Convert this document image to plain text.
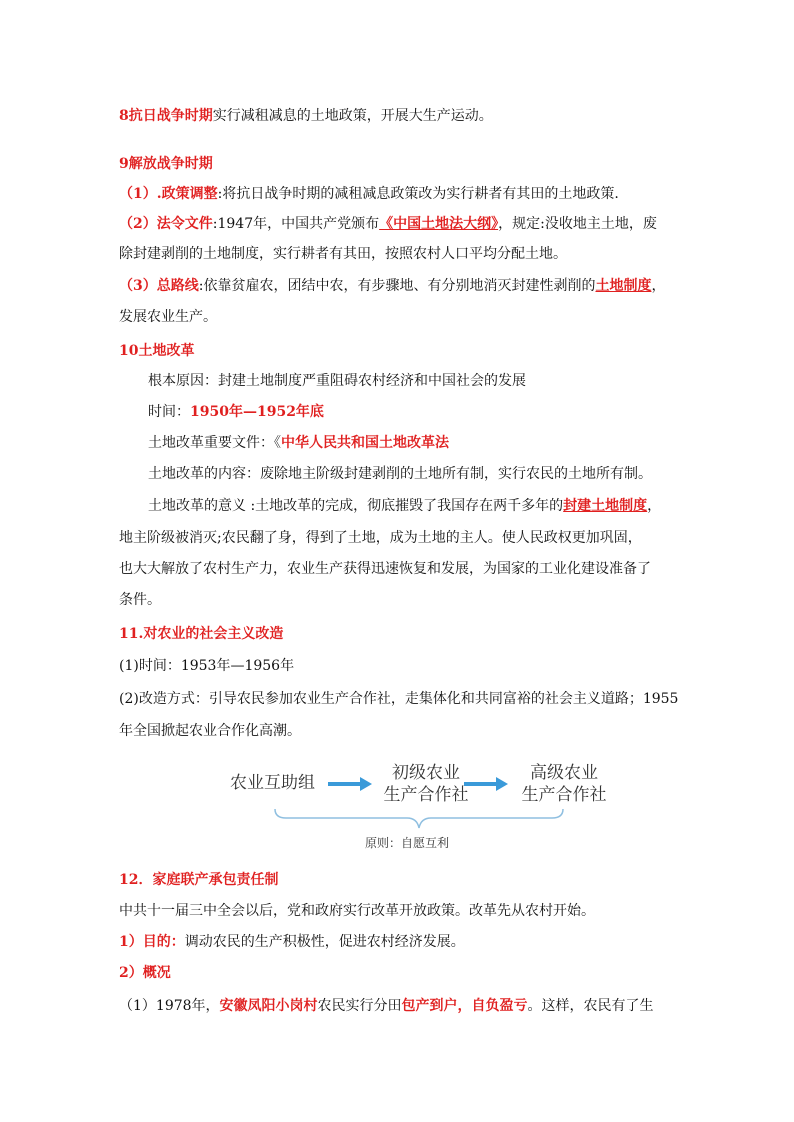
8抗日战争时期实行减租减息的土地政策，开展大生产运动。
9解放战争时期
（1）.政策调整:将抗日战争时期的减租减息政策改为实行耕者有其田的土地政策.
（2）法令文件:1947年，中国共产党颁布《中国土地法大纲》，规定:没收地主土地，废
除封建剥削的土地制度，实行耕者有其田，按照农村人口平均分配土地。
（3）总路线:依靠贫雇农，团结中农，有步骤地、有分别地消灭封建性剥削的土地制度，
发展农业生产。
10土地改革
根本原因：封建土地制度严重阻碍农村经济和中国社会的发展
时间：1950年—1952年底
土地改革重要文件：《中华人民共和国土地改革法
土地改革的内容：废除地主阶级封建剥削的土地所有制，实行农民的土地所有制。
土地改革的意义 :土地改革的完成，彻底摧毁了我国存在两千多年的封建土地制度，
地主阶级被消灭;农民翻了身，得到了土地，成为土地的主人。使人民政权更加巩固，
也大大解放了农村生产力，农业生产获得迅速恢复和发展，为国家的工业化建设准备了
条件。
11.对农业的社会主义改造
(1)时间：1953年—1956年
(2)改造方式：引导农民参加农业生产合作社，走集体化和共同富裕的社会主义道路；1955
年全国掀起农业合作化高潮。
农业互助组	初级农业
生产合作社
高级农业
生产合作社
原则：自愿互利
12．家庭联产承包责任制
中共十一届三中全会以后，党和政府实行改革开放政策。改革先从农村开始。
1）目的：调动农民的生产积极性，促进农村经济发展。
2）概况
（1）1978年，安徽凤阳小岗村农民实行分田包产到户，自负盈亏。这样，农民有了生
